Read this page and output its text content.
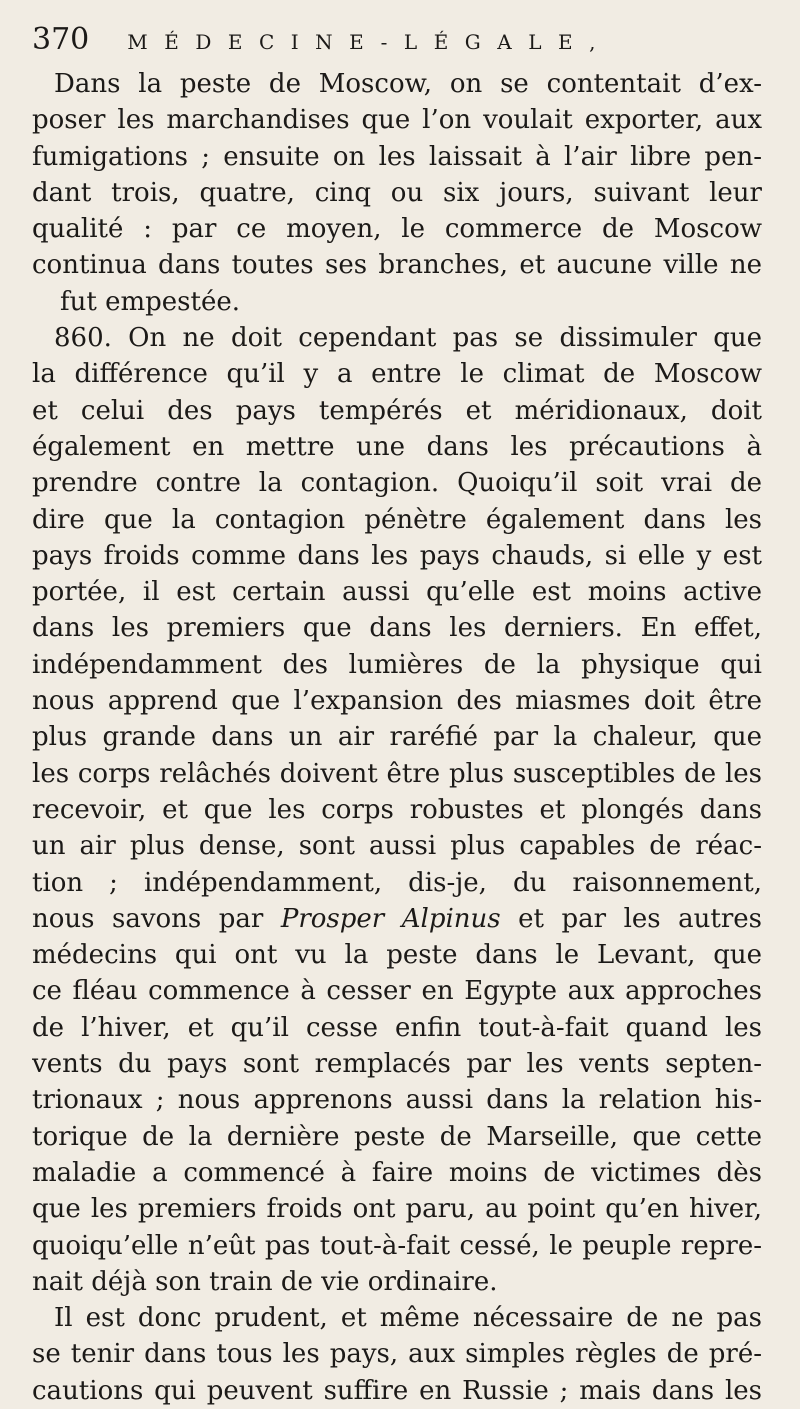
370 MÉDECINE-LÉGALE,
Dans la peste de Moscow, on se contentait d’ex-
poser les marchandises que l’on voulait exporter, aux
fumigations ; ensuite on les laissait à l’air libre pen-
dant trois, quatre, cinq ou six jours, suivant leur
qualité : par ce moyen, le commerce de Moscow
continua dans toutes ses branches, et aucune ville ne
fut empestée.
860. On ne doit cependant pas se dissimuler que
la différence qu’il y a entre le climat de Moscow
et celui des pays tempérés et méridionaux, doit
également en mettre une dans les précautions à
prendre contre la contagion. Quoiqu’il soit vrai de
dire que la contagion pénètre également dans les
pays froids comme dans les pays chauds, si elle y est
portée, il est certain aussi qu’elle est moins active
dans les premiers que dans les derniers. En effet,
indépendamment des lumières de la physique qui
nous apprend que l’expansion des miasmes doit être
plus grande dans un air raréfié par la chaleur, que
les corps relâchés doivent être plus susceptibles de les
recevoir, et que les corps robustes et plongés dans
un air plus dense, sont aussi plus capables de réac-
tion ; indépendamment, dis-je, du raisonnement,
nous savons par Prosper Alpinus et par les autres
médecins qui ont vu la peste dans le Levant, que
ce fléau commence à cesser en Egypte aux approches
de l’hiver, et qu’il cesse enfin tout-à-fait quand les
vents du pays sont remplacés par les vents septen-
trionaux ; nous apprenons aussi dans la relation his-
torique de la dernière peste de Marseille, que cette
maladie a commencé à faire moins de victimes dès
que les premiers froids ont paru, au point qu’en hiver,
quoiqu’elle n’eût pas tout-à-fait cessé, le peuple repre-
nait déjà son train de vie ordinaire.
Il est donc prudent, et même nécessaire de ne pas
se tenir dans tous les pays, aux simples règles de pré-
cautions qui peuvent suffire en Russie ; mais dans les
